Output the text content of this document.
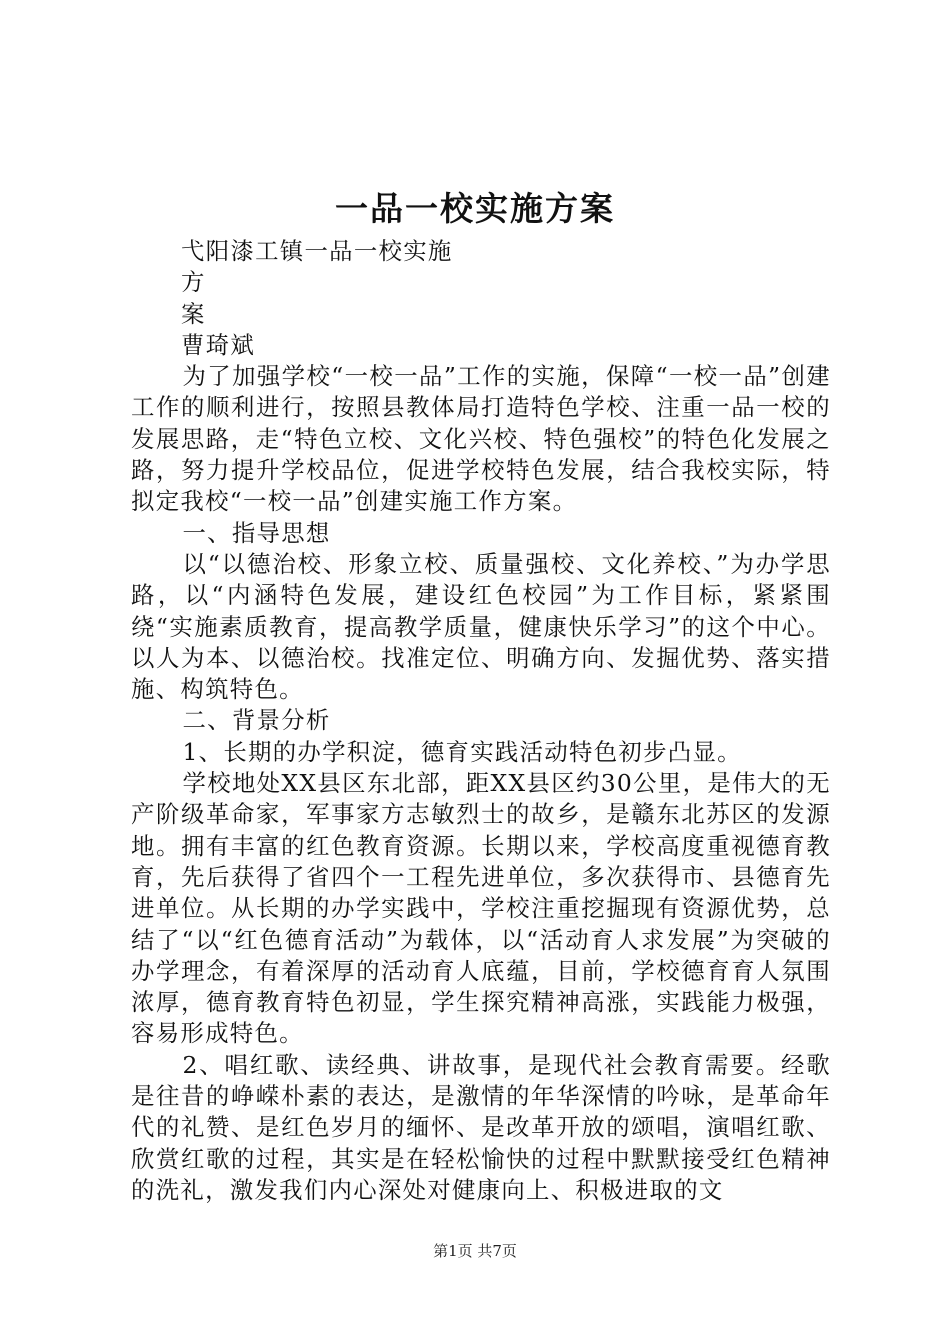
一品一校实施方案
弋阳漆工镇一品一校实施
方
案
曹琦斌

为了加强学校“一校一品”工作的实施，保障“一校一品”创建工作的顺利进行，按照县教体局打造特色学校、注重一品一校的发展思路，走“特色立校、文化兴校、特色强校”的特色化发展之路，努力提升学校品位，促进学校特色发展，结合我校实际，特拟定我校“一校一品”创建实施工作方案。

一、指导思想

以“以德治校、形象立校、质量强校、文化养校、”为办学思路，以“内涵特色发展，建设红色校园”为工作目标，紧紧围绕“实施素质教育，提高教学质量，健康快乐学习”的这个中心。以人为本、以德治校。找准定位、明确方向、发掘优势、落实措施、构筑特色。

二、背景分析

1、长期的办学积淀，德育实践活动特色初步凸显。

学校地处XX县区东北部，距XX县区约30公里，是伟大的无产阶级革命家，军事家方志敏烈士的故乡，是赣东北苏区的发源地。拥有丰富的红色教育资源。长期以来，学校高度重视德育教育，先后获得了省四个一工程先进单位，多次获得市、县德育先进单位。从长期的办学实践中，学校注重挖掘现有资源优势，总结了“以“红色德育活动”为载体，以“活动育人求发展”为突破的办学理念，有着深厚的活动育人底蕴，目前，学校德育育人氛围浓厚，德育教育特色初显，学生探究精神高涨，实践能力极强，容易形成特色。

2、唱红歌、读经典、讲故事，是现代社会教育需要。经歌是往昔的峥嵘朴素的表达，是激情的年华深情的吟咏，是革命年代的礼赞、是红色岁月的缅怀、是改革开放的颂唱，演唱红歌、欣赏红歌的过程，其实是在轻松愉快的过程中默默接受红色精神的洗礼，激发我们内心深处对健康向上、积极进取的文

第1页 共7页
